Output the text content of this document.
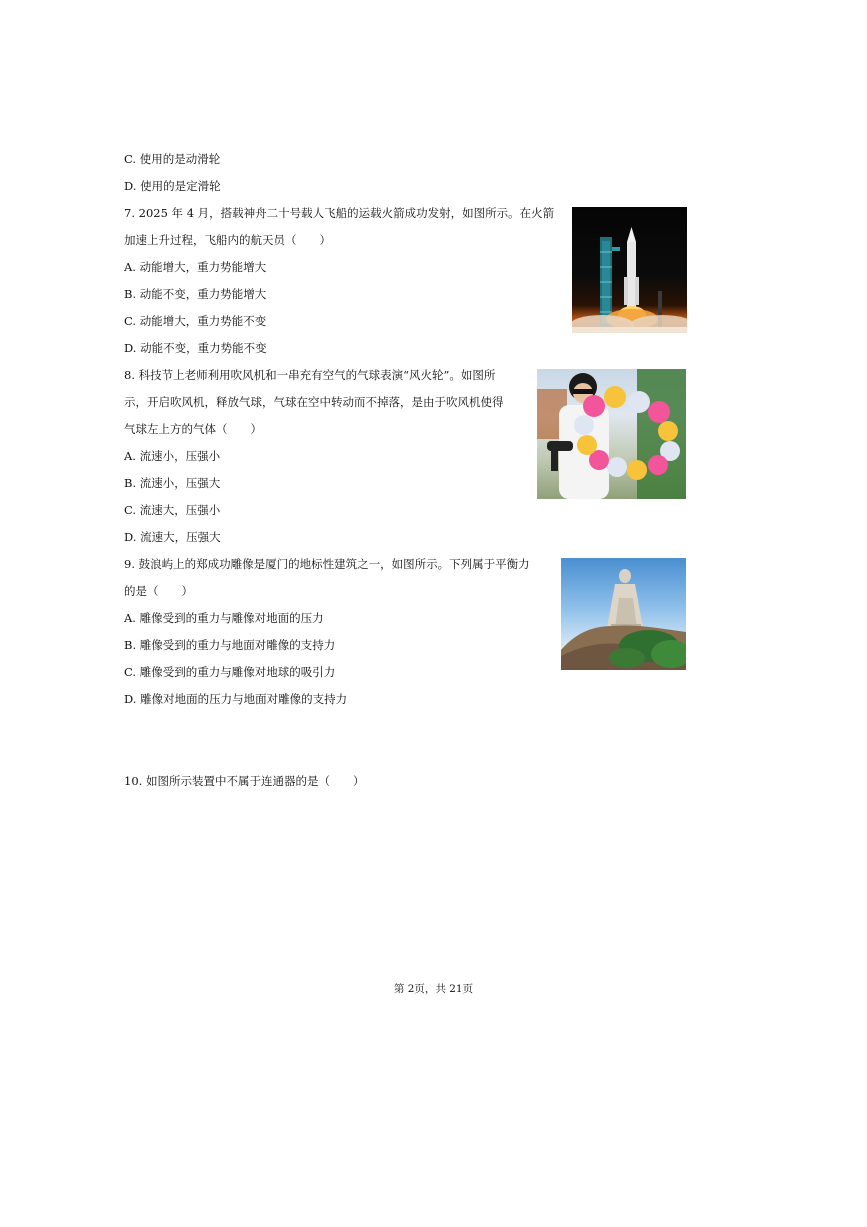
C. 使用的是动滑轮
D. 使用的是定滑轮
7. 2025 年 4 月，搭载神舟二十号载人飞船的运载火箭成功发射，如图所示。在火箭
加速上升过程，飞船内的航天员（　　）
A. 动能增大，重力势能增大
B. 动能不变，重力势能增大
C. 动能增大，重力势能不变
D. 动能不变，重力势能不变
8. 科技节上老师利用吹风机和一串充有空气的气球表演“风火轮”。如图所
示，开启吹风机，释放气球，气球在空中转动而不掉落，是由于吹风机使得
气球左上方的气体（　　）
A. 流速小，压强小
B. 流速小，压强大
C. 流速大，压强小
D. 流速大，压强大
9. 鼓浪屿上的郑成功雕像是厦门的地标性建筑之一，如图所示。下列属于平衡力
的是（　　）
A. 雕像受到的重力与雕像对地面的压力
B. 雕像受到的重力与地面对雕像的支持力
C. 雕像受到的重力与雕像对地球的吸引力
D. 雕像对地面的压力与地面对雕像的支持力
10. 如图所示装置中不属于连通器的是（　　）
第 2页，共 21页
